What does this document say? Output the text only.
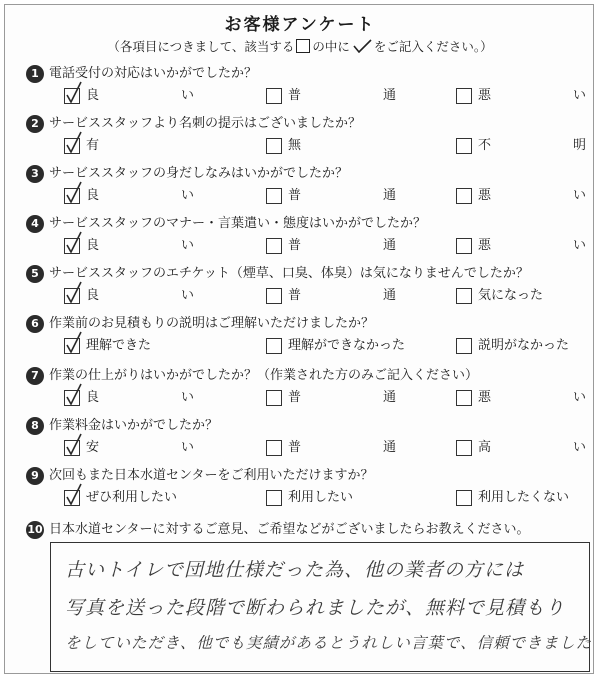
お客様アンケート
（各項目につきまして、該当する の中に をご記入ください。）
1 電話受付の対応はいかがでしたか？
良	い	普	通	悪	い
2 サービススタッフより名刺の提示はございましたか？
有	無	不	明
3 サービススタッフの身だしなみはいかがでしたか？
良	い	普	通	悪	い
4 サービススタッフのマナー・言葉遣い・態度はいかがでしたか？
良	い	普	通	悪	い
5 サービススタッフのエチケット（煙草、口臭、体臭）は気になりませんでしたか？
良	い	普	通	気になった
6 作業前のお見積もりの説明はご理解いただけましたか？
理解できた	理解ができなかった	説明がなかった
7 作業の仕上がりはいかがでしたか？（作業された方のみご記入ください）
良	い	普	通	悪	い
8 作業料金はいかがでしたか？
安	い	普	通	高	い
9 次回もまた日本水道センターをご利用いただけますか？
ぜひ利用したい	利用したい	利用したくない
10 日本水道センターに対するご意見、ご希望などがございましたらお教えください。
古いトイレで団地仕様だった為、他の業者の方には
写真を送った段階で断わられましたが、無料で見積もり
をしていただき、他でも実績があるとうれしい言葉で、信頼できました
